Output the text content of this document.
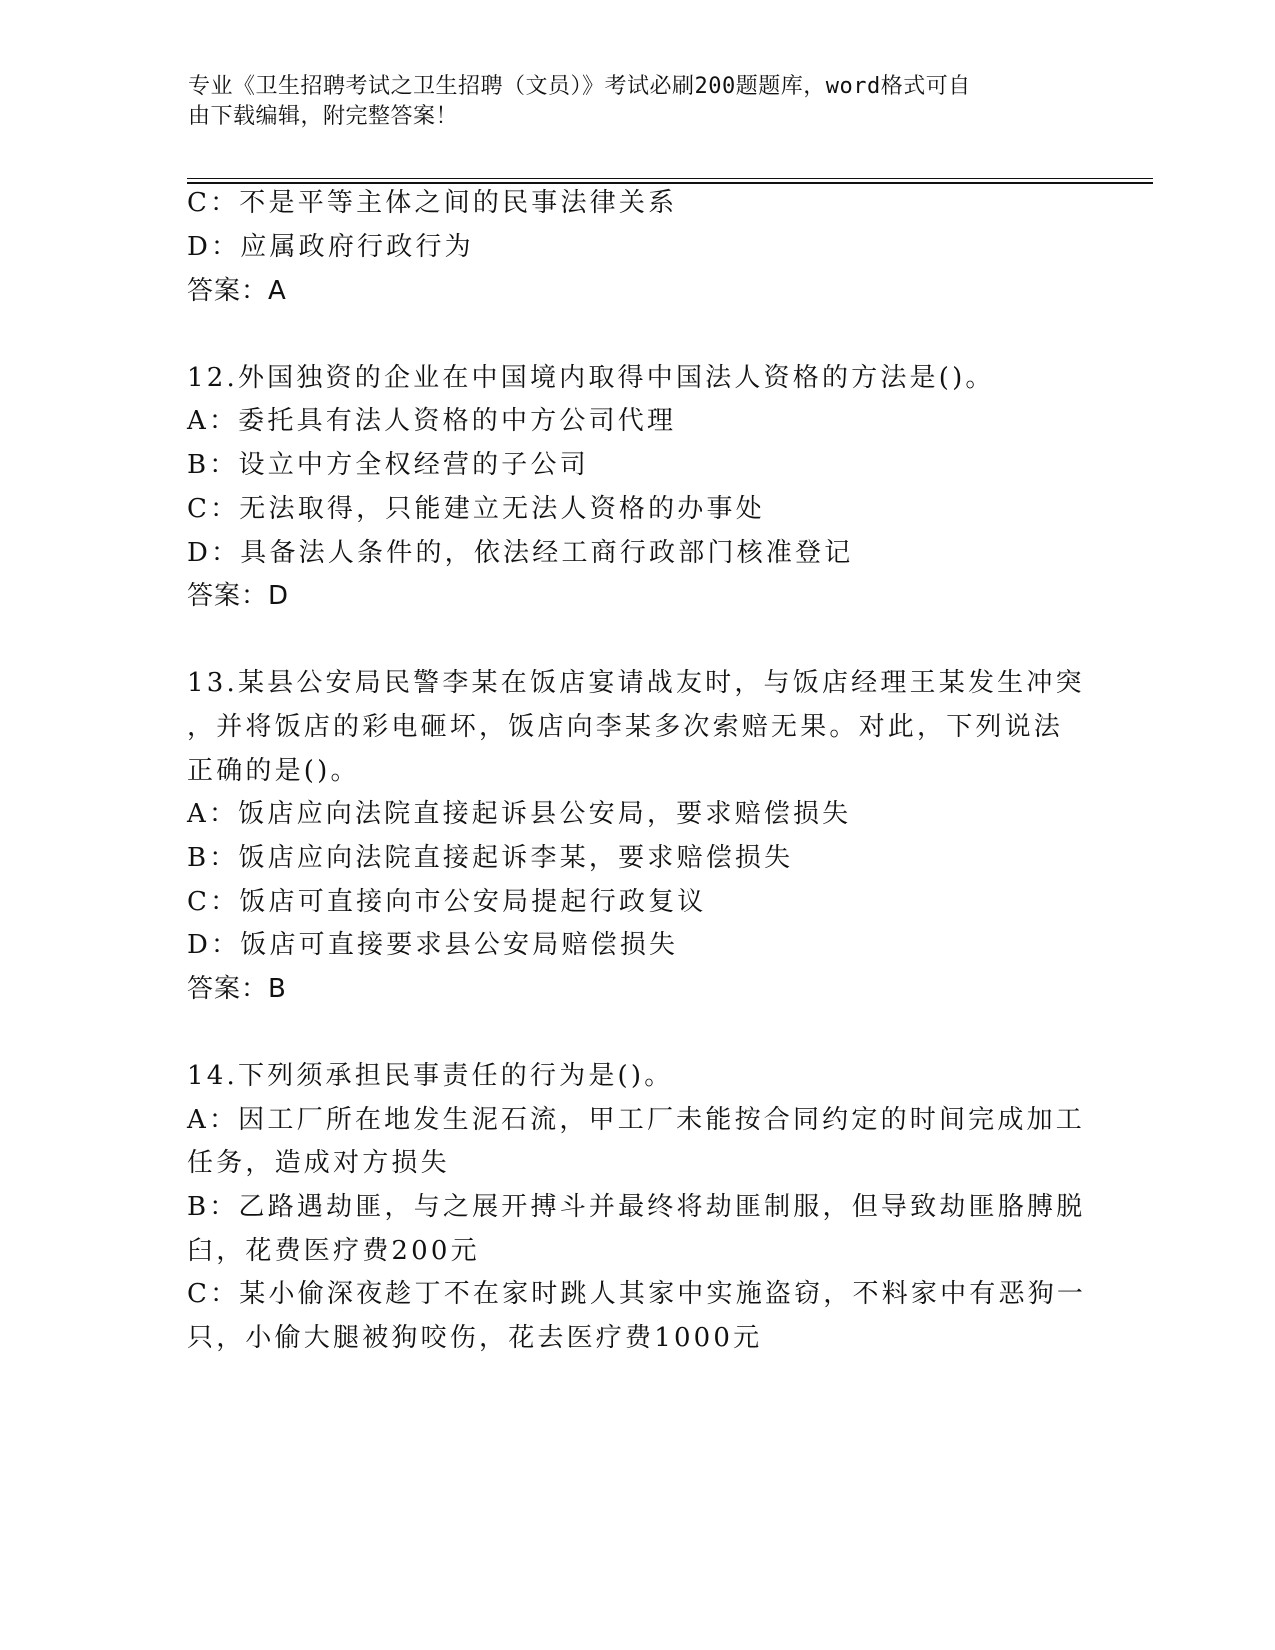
专业《卫生招聘考试之卫生招聘（文员）》考试必刷200题题库，word格式可自
由下载编辑，附完整答案！
C：不是平等主体之间的民事法律关系
D：应属政府行政行为
答案：A
12.外国独资的企业在中国境内取得中国法人资格的方法是()。
A：委托具有法人资格的中方公司代理
B：设立中方全权经营的子公司
C：无法取得，只能建立无法人资格的办事处
D：具备法人条件的，依法经工商行政部门核准登记
答案：D
13.某县公安局民警李某在饭店宴请战友时，与饭店经理王某发生冲突
，并将饭店的彩电砸坏，饭店向李某多次索赔无果。对此，下列说法
正确的是()。
A：饭店应向法院直接起诉县公安局，要求赔偿损失
B：饭店应向法院直接起诉李某，要求赔偿损失
C：饭店可直接向市公安局提起行政复议
D：饭店可直接要求县公安局赔偿损失
答案：B
14.下列须承担民事责任的行为是()。
A：因工厂所在地发生泥石流，甲工厂未能按合同约定的时间完成加工
任务，造成对方损失
B：乙路遇劫匪，与之展开搏斗并最终将劫匪制服，但导致劫匪胳膊脱
臼，花费医疗费200元
C：某小偷深夜趁丁不在家时跳人其家中实施盗窃，不料家中有恶狗一
只，小偷大腿被狗咬伤，花去医疗费1000元
